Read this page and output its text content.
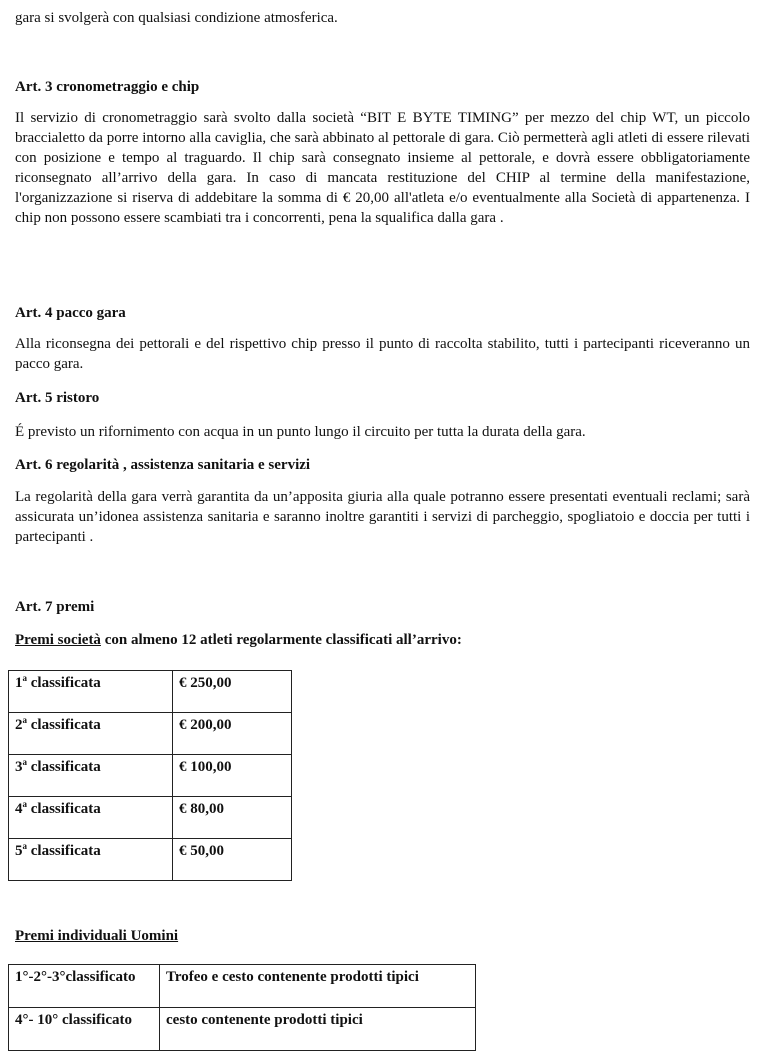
gara si svolgerà con qualsiasi condizione atmosferica.

Art. 3 cronometraggio e chip

Il servizio di cronometraggio sarà svolto dalla società “BIT E BYTE TIMING” per mezzo del chip WT, un piccolo braccialetto da porre intorno alla caviglia, che sarà abbinato al pettorale di gara. Ciò permetterà agli atleti di essere rilevati con posizione e tempo al traguardo. Il chip sarà consegnato insieme al pettorale, e dovrà essere obbligatoriamente riconsegnato all’arrivo della gara. In caso di mancata restituzione del CHIP al termine della manifestazione, l'organizzazione si riserva di addebitare la somma di € 20,00 all'atleta e/o eventualmente alla Società di appartenenza. I chip non possono essere scambiati tra i concorrenti, pena la squalifica dalla gara .

Art. 4 pacco gara

Alla riconsegna dei pettorali e del rispettivo chip presso il punto di raccolta stabilito, tutti i partecipanti riceveranno un pacco gara.

Art. 5 ristoro

É previsto un rifornimento con acqua in un punto lungo il circuito per tutta la durata della gara.

Art. 6 regolarità , assistenza sanitaria e servizi

La regolarità della gara verrà garantita da un’apposita giuria alla quale potranno essere presentati eventuali reclami; sarà assicurata un’idonea assistenza sanitaria e saranno inoltre garantiti i servizi di parcheggio, spogliatoio e doccia per tutti i partecipanti .

Art. 7 premi
Premi società con almeno 12 atleti regolarmente classificati all’arrivo:
1$^a$ classificata	€ 250,00
2$^a$ classificata	€ 200,00
3$^a$ classificata	€ 100,00
4$^a$ classificata	€ 80,00
5$^a$ classificata	€ 50,00
Premi individuali Uomini
1°-2°-3°classificato	Trofeo e cesto contenente prodotti tipici
4°- 10° classificato	cesto contenente prodotti tipici
